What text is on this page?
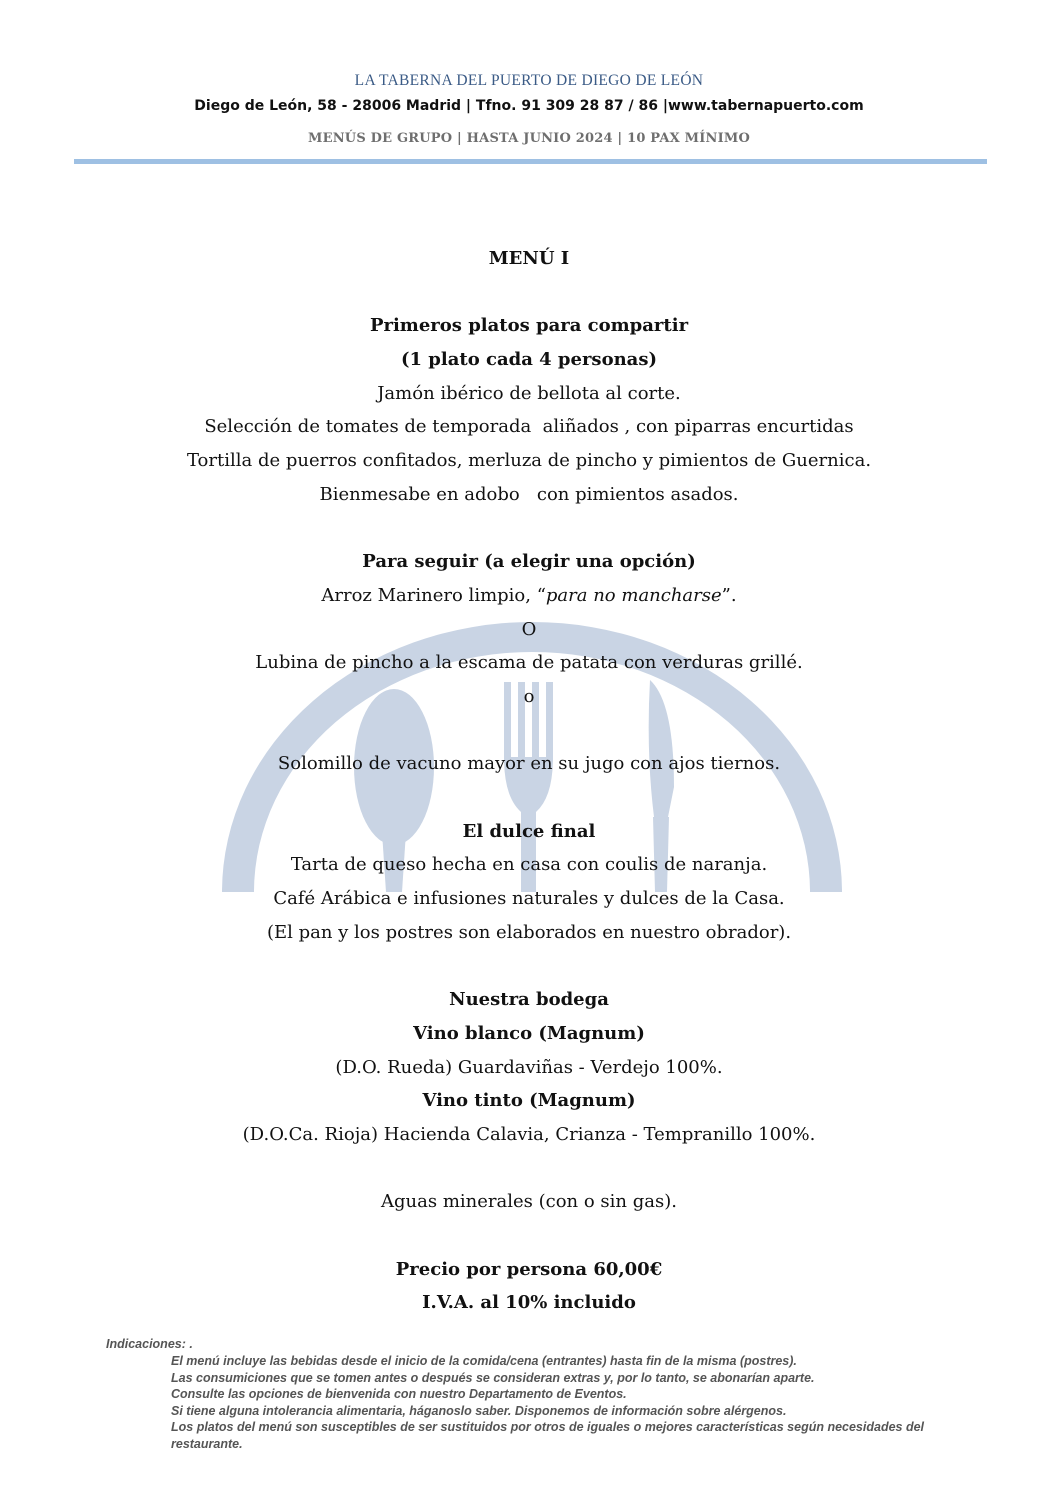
LA TABERNA DEL PUERTO DE DIEGO DE LEÓN
Diego de León, 58 - 28006 Madrid | Tfno. 91 309 28 87 / 86 |www.tabernapuerto.com
MENÚS DE GRUPO | HASTA JUNIO 2024 | 10 PAX MÍNIMO
MENÚ I
Primeros platos para compartir
(1 plato cada 4 personas)
Jamón ibérico de bellota al corte.
Selección de tomates de temporada  aliñados , con piparras encurtidas
Tortilla de puerros confitados, merluza de pincho y pimientos de Guernica.
Bienmesabe en adobo   con pimientos asados.
Para seguir (a elegir una opción)
Arroz Marinero limpio, “para no mancharse”.
O
Lubina de pincho a la escama de patata con verduras grillé.
o
Solomillo de vacuno mayor en su jugo con ajos tiernos.
El dulce final
Tarta de queso hecha en casa con coulis de naranja.
Café Arábica e infusiones naturales y dulces de la Casa.
(El pan y los postres son elaborados en nuestro obrador).
Nuestra bodega
Vino blanco (Magnum)
(D.O. Rueda) Guardaviñas - Verdejo 100%.
Vino tinto (Magnum)
(D.O.Ca. Rioja) Hacienda Calavia, Crianza - Tempranillo 100%.
Aguas minerales (con o sin gas).
Precio por persona 60,00€
I.V.A. al 10% incluido
Indicaciones: .
El menú incluye las bebidas desde el inicio de la comida/cena (entrantes) hasta fin de la misma (postres).
Las consumiciones que se tomen antes o después se consideran extras y, por lo tanto, se abonarían aparte.
Consulte las opciones de bienvenida con nuestro Departamento de Eventos.
Si tiene alguna intolerancia alimentaria, háganoslo saber. Disponemos de información sobre alérgenos.
Los platos del menú son susceptibles de ser sustituidos por otros de iguales o mejores características según necesidades del restaurante.
